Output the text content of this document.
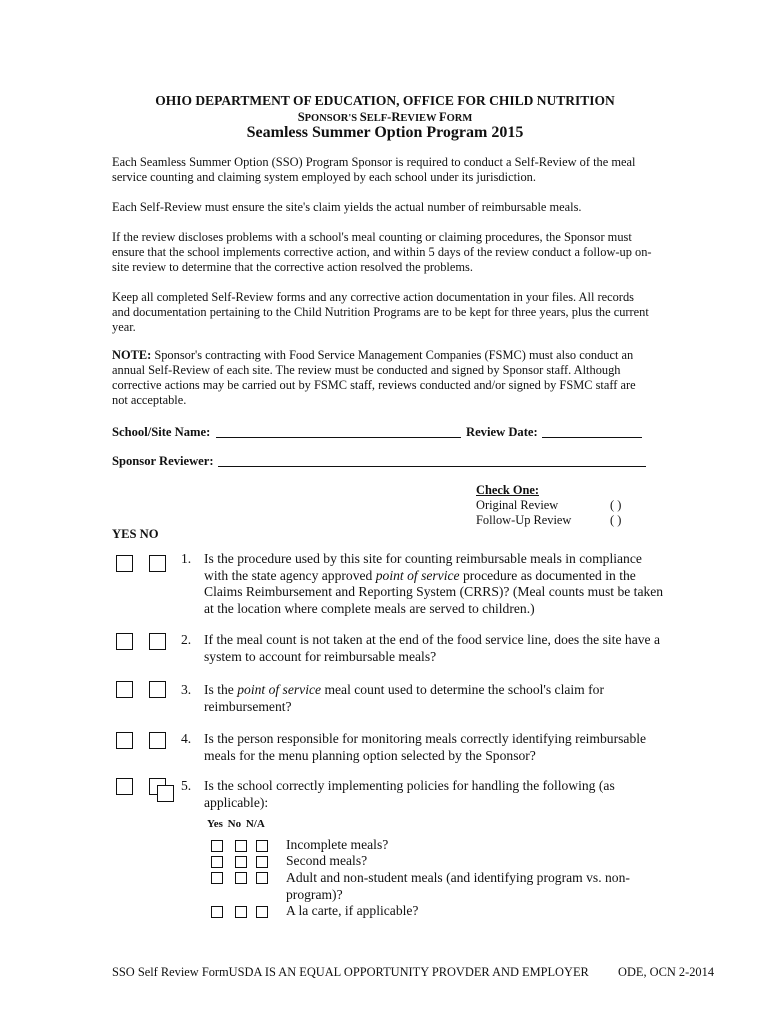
OHIO DEPARTMENT OF EDUCATION, OFFICE FOR CHILD NUTRITION
SPONSOR'S SELF-REVIEW FORM
Seamless Summer Option Program 2015
Each Seamless Summer Option (SSO) Program Sponsor is required to conduct a Self-Review of the meal service counting and claiming system employed by each school under its jurisdiction.
Each Self-Review must ensure the site's claim yields the actual number of reimbursable meals.
If the review discloses problems with a school's meal counting or claiming procedures, the Sponsor must ensure that the school implements corrective action, and within 5 days of the review conduct a follow-up on-site review to determine that the corrective action resolved the problems.
Keep all completed Self-Review forms and any corrective action documentation in your files. All records and documentation pertaining to the Child Nutrition Programs are to be kept for three years, plus the current year.
NOTE: Sponsor's contracting with Food Service Management Companies (FSMC) must also conduct an annual Self-Review of each site. The review must be conducted and signed by Sponsor staff. Although corrective actions may be carried out by FSMC staff, reviews conducted and/or signed by FSMC staff are not acceptable.
School/Site Name:	Review Date:
Sponsor Reviewer:
Check One:
Original Review	( )
Follow-Up Review	( )
YES NO
1. Is the procedure used by this site for counting reimbursable meals in compliance with the state agency approved point of service procedure as documented in the Claims Reimbursement and Reporting System (CRRS)? (Meal counts must be taken at the location where complete meals are served to children.)
2. If the meal count is not taken at the end of the food service line, does the site have a system to account for reimbursable meals?
3. Is the point of service meal count used to determine the school's claim for reimbursement?
4. Is the person responsible for monitoring meals correctly identifying reimbursable meals for the menu planning option selected by the Sponsor?
5. Is the school correctly implementing policies for handling the following (as applicable):
Yes No N/A
Incomplete meals?
Second meals?
Adult and non-student meals (and identifying program vs. non-program)?
A la carte, if applicable?
SSO Self Review FormUSDA IS AN EQUAL OPPORTUNITY PROVDER AND EMPLOYER ODE, OCN 2-2014
